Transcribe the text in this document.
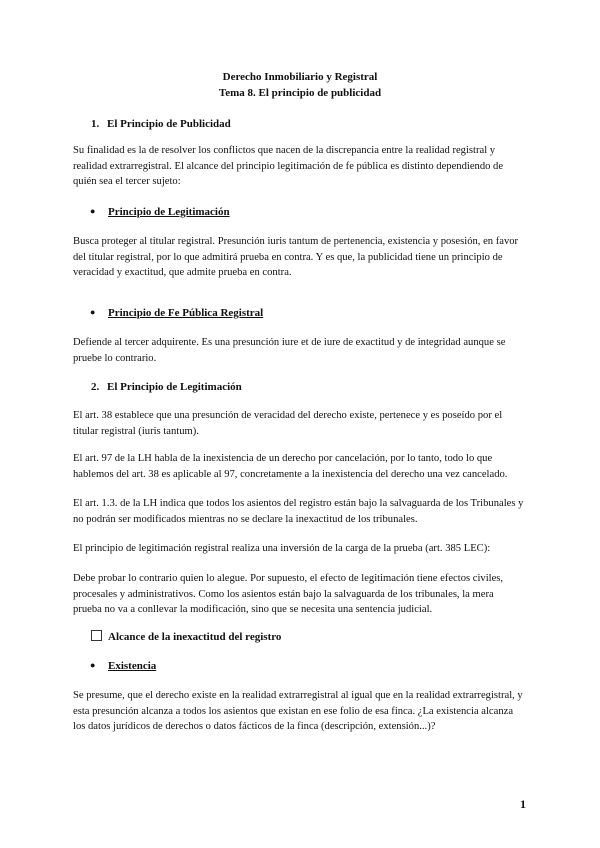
Derecho Inmobiliario y Registral
Tema 8. El principio de publicidad
1. El Principio de Publicidad
Su finalidad es la de resolver los conflictos que nacen de la discrepancia entre la realidad registral y realidad extrarregistral. El alcance del principio legitimación de fe pública es distinto dependiendo de quién sea el tercer sujeto:
● Principio de Legitimación
Busca proteger al titular registral. Presunción iuris tantum de pertenencia, existencia y posesión, en favor del titular registral, por lo que admitirá prueba en contra. Y es que, la publicidad tiene un principio de veracidad y exactitud, que admite prueba en contra.
● Principio de Fe Pública Registral
Defiende al tercer adquirente. Es una presunción iure et de iure de exactitud y de integridad aunque se pruebe lo contrario.
2. El Principio de Legitimación
El art. 38 establece que una presunción de veracidad del derecho existe, pertenece y es poseído por el titular registral (iuris tantum).
El art. 97 de la LH habla de la inexistencia de un derecho por cancelación, por lo tanto, todo lo que hablemos del art. 38 es aplicable al 97, concretamente a la inexistencia del derecho una vez cancelado.
El art. 1.3. de la LH indica que todos los asientos del registro están bajo la salvaguarda de los Tribunales y no podrán ser modificados mientras no se declare la inexactitud de los tribunales.
El principio de legitimación registral realiza una inversión de la carga de la prueba (art. 385 LEC):
Debe probar lo contrario quien lo alegue. Por supuesto, el efecto de legitimación tiene efectos civiles, procesales y administrativos. Como los asientos están bajo la salvaguarda de los tribunales, la mera prueba no va a conllevar la modificación, sino que se necesita una sentencia judicial.
Alcance de la inexactitud del registro
● Existencia
Se presume, que el derecho existe en la realidad extrarregistral al igual que en la realidad extrarregistral, y esta presunción alcanza a todos los asientos que existan en ese folio de esa finca. ¿La existencia alcanza los datos jurídicos de derechos o datos fácticos de la finca (descripción, extensión...)?
1
